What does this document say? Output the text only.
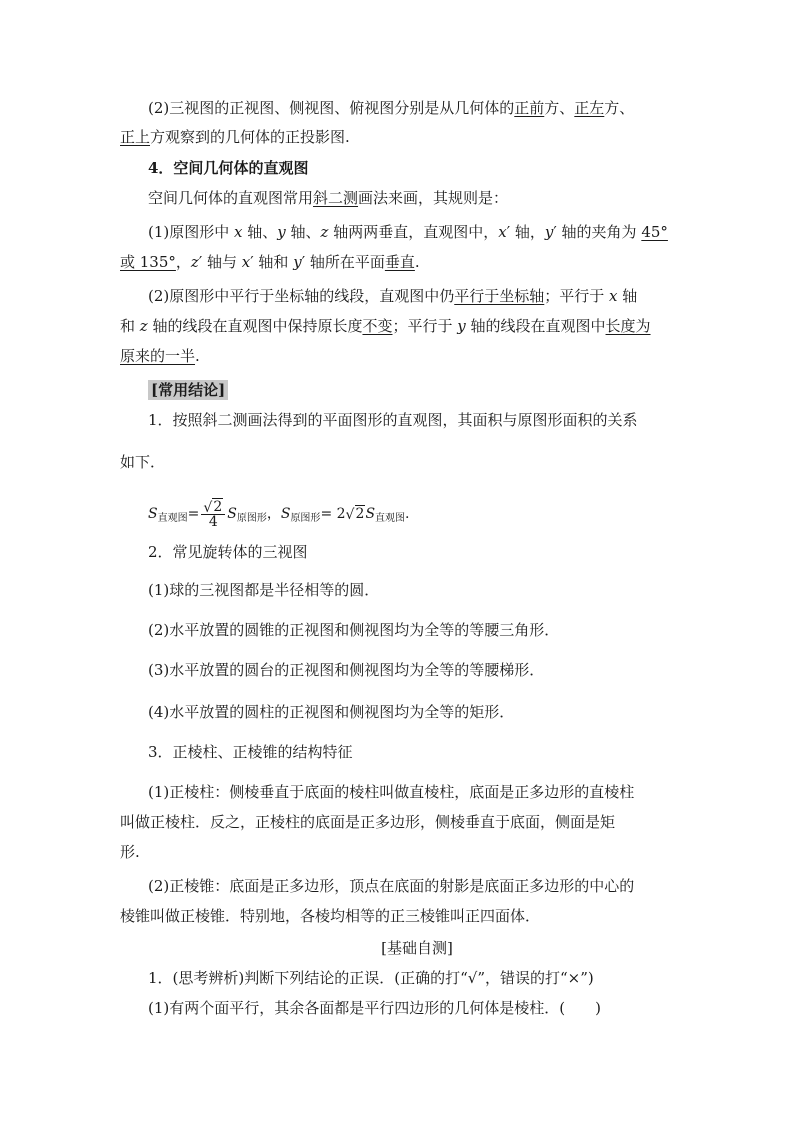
(2)三视图的正视图、侧视图、俯视图分别是从几何体的正前方、正左方、
正上方观察到的几何体的正投影图.
4．空间几何体的直观图
空间几何体的直观图常用斜二测画法来画，其规则是：
(1)原图形中 x 轴、y 轴、z 轴两两垂直，直观图中，x′ 轴，y′ 轴的夹角为 45°
或 135°，z′ 轴与 x′ 轴和 y′ 轴所在平面垂直.
(2)原图形中平行于坐标轴的线段，直观图中仍平行于坐标轴；平行于 x 轴
和 z 轴的线段在直观图中保持原长度不变；平行于 y 轴的线段在直观图中长度为
原来的一半.
[常用结论]
1．按照斜二测画法得到的平面图形的直观图，其面积与原图形面积的关系
如下．
$S_{直观图}= \frac{√ 2}{4} S_{原图形}$，$S_{原图形}= 2$ √ $2S_{直观图}$.
2．常见旋转体的三视图
(1)球的三视图都是半径相等的圆．
(2)水平放置的圆锥的正视图和侧视图均为全等的等腰三角形．
(3)水平放置的圆台的正视图和侧视图均为全等的等腰梯形．
(4)水平放置的圆柱的正视图和侧视图均为全等的矩形．
3．正棱柱、正棱锥的结构特征
(1)正棱柱：侧棱垂直于底面的棱柱叫做直棱柱，底面是正多边形的直棱柱
叫做正棱柱．反之，正棱柱的底面是正多边形，侧棱垂直于底面，侧面是矩
形.
(2)正棱锥：底面是正多边形，顶点在底面的射影是底面正多边形的中心的
棱锥叫做正棱锥．特别地，各棱均相等的正三棱锥叫正四面体．
[基础自测]
1．(思考辨析)判断下列结论的正误．(正确的打“√”，错误的打“×”)
(1)有两个面平行，其余各面都是平行四边形的几何体是棱柱．(　　)
